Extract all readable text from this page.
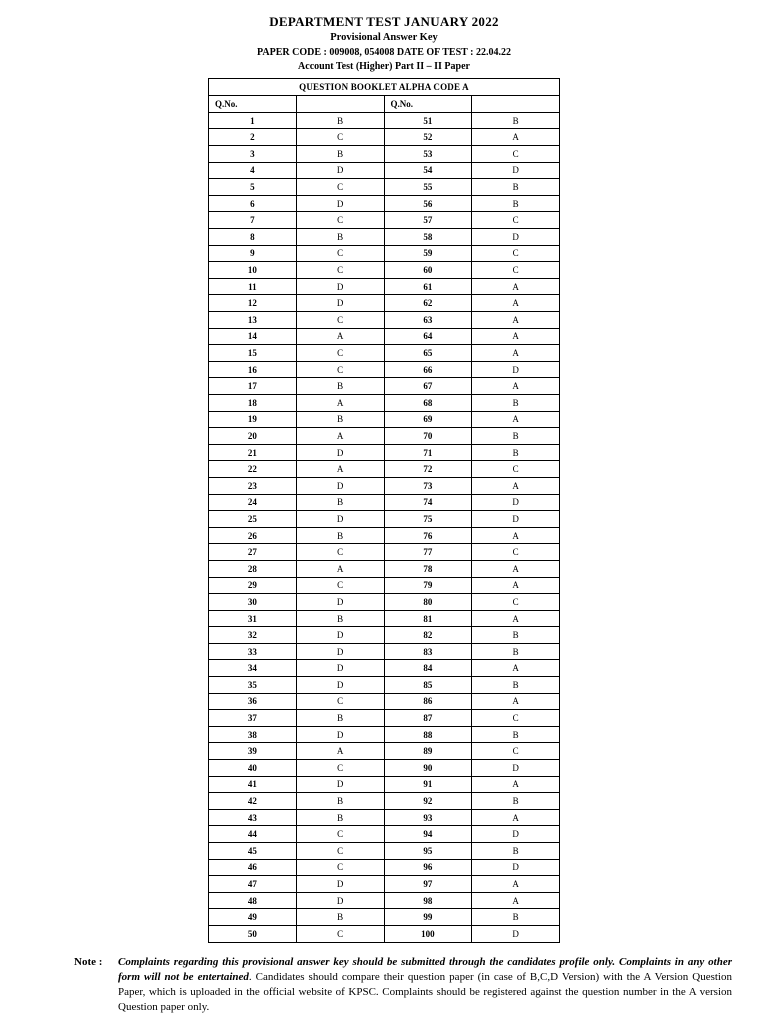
DEPARTMENT TEST JANUARY 2022
Provisional Answer Key
PAPER CODE : 009008, 054008 DATE OF TEST : 22.04.22
Account Test (Higher) Part II – II Paper
QUESTION BOOKLET ALPHA CODE A			
Q.No.		Q.No.	
1	B	51	B
2	C	52	A
3	B	53	C
4	D	54	D
5	C	55	B
6	D	56	B
7	C	57	C
8	B	58	D
9	C	59	C
10	C	60	C
11	D	61	A
12	D	62	A
13	C	63	A
14	A	64	A
15	C	65	A
16	C	66	D
17	B	67	A
18	A	68	B
19	B	69	A
20	A	70	B
21	D	71	B
22	A	72	C
23	D	73	A
24	B	74	D
25	D	75	D
26	B	76	A
27	C	77	C
28	A	78	A
29	C	79	A
30	D	80	C
31	B	81	A
32	D	82	B
33	D	83	B
34	D	84	A
35	D	85	B
36	C	86	A
37	B	87	C
38	D	88	B
39	A	89	C
40	C	90	D
41	D	91	A
42	B	92	B
43	B	93	A
44	C	94	D
45	C	95	B
46	C	96	D
47	D	97	A
48	D	98	A
49	B	99	B
50	C	100	D
Note :	Complaints regarding this provisional answer key should be submitted through the candidates profile only. Complaints in any other form will not be entertained. Candidates should compare their question paper (in case of B,C,D Version) with the A Version Question Paper, which is uploaded in the official website of KPSC. Complaints should be registered against the question number in the A version Question paper only.
